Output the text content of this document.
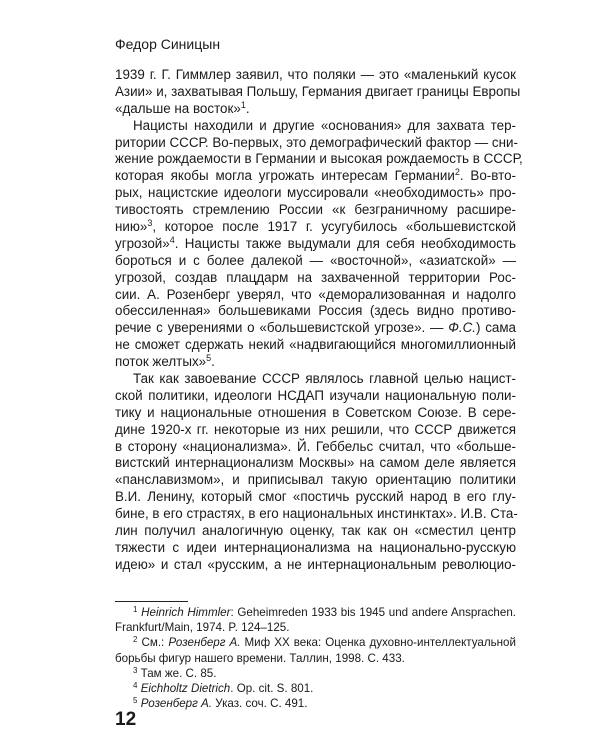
Федор Синицын
1939 г. Г. Гиммлер заявил, что поляки — это «маленький кусок
Азии» и, захватывая Польшу, Германия двигает границы Европы
«дальше на восток»$^1$.
Нацисты находили и другие «основания» для захвата тер-
ритории СССР. Во-первых, это демографический фактор — сни-
жение рождаемости в Германии и высокая рождаемость в СССР,
которая якобы могла угрожать интересам Германии$^2$. Во-вто-
рых, нацистские идеологи муссировали «необходимость» про-
тивостоять стремлению России «к безграничному расшире-
нию»$^3$, которое после 1917 г. усугубилось «большевистской
угрозой»$^4$. Нацисты также выдумали для себя необходимость
бороться и с более далекой — «восточной», «азиатской» —
угрозой, создав плацдарм на захваченной территории Рос-
сии. А. Розенберг уверял, что «деморализованная и надолго
обессиленная» большевиками Россия (здесь видно противо-
речие с уверениями о «большевистской угрозе». — Ф.С.) сама
не сможет сдержать некий «надвигающийся многомиллионный
поток желтых»$^5$.
Так как завоевание СССР являлось главной целью нацист-
ской политики, идеологи НСДАП изучали национальную поли-
тику и национальные отношения в Советском Союзе. В сере-
дине 1920-х гг. некоторые из них решили, что СССР движется
в сторону «национализма». Й. Геббельс считал, что «больше-
вистский интернационализм Москвы» на самом деле является
«панславизмом», и приписывал такую ориентацию политики
В.И. Ленину, который смог «постичь русский народ в его глу-
бине, в его страстях, в его национальных инстинктах». И.В. Ста-
лин получил аналогичную оценку, так как он «сместил центр
тяжести с идеи интернационализма на национально-русскую
идею» и стал «русским, а не интернациональным революцио-
$^1$ Heinrich Himmler: Geheimreden 1933 bis 1945 und andere Ansprachen.
Frankfurt/Main, 1974. P. 124–125.
$^2$ См.: Розенберг А. Миф XX века: Оценка духовно-интеллектуальной
борьбы фигур нашего времени. Таллин, 1998. С. 433.
$^3$ Там же. С. 85.
$^4$ Eichholtz Dietrich. Op. cit. S. 801.
$^5$ Розенберг А. Указ. соч. С. 491.
12
